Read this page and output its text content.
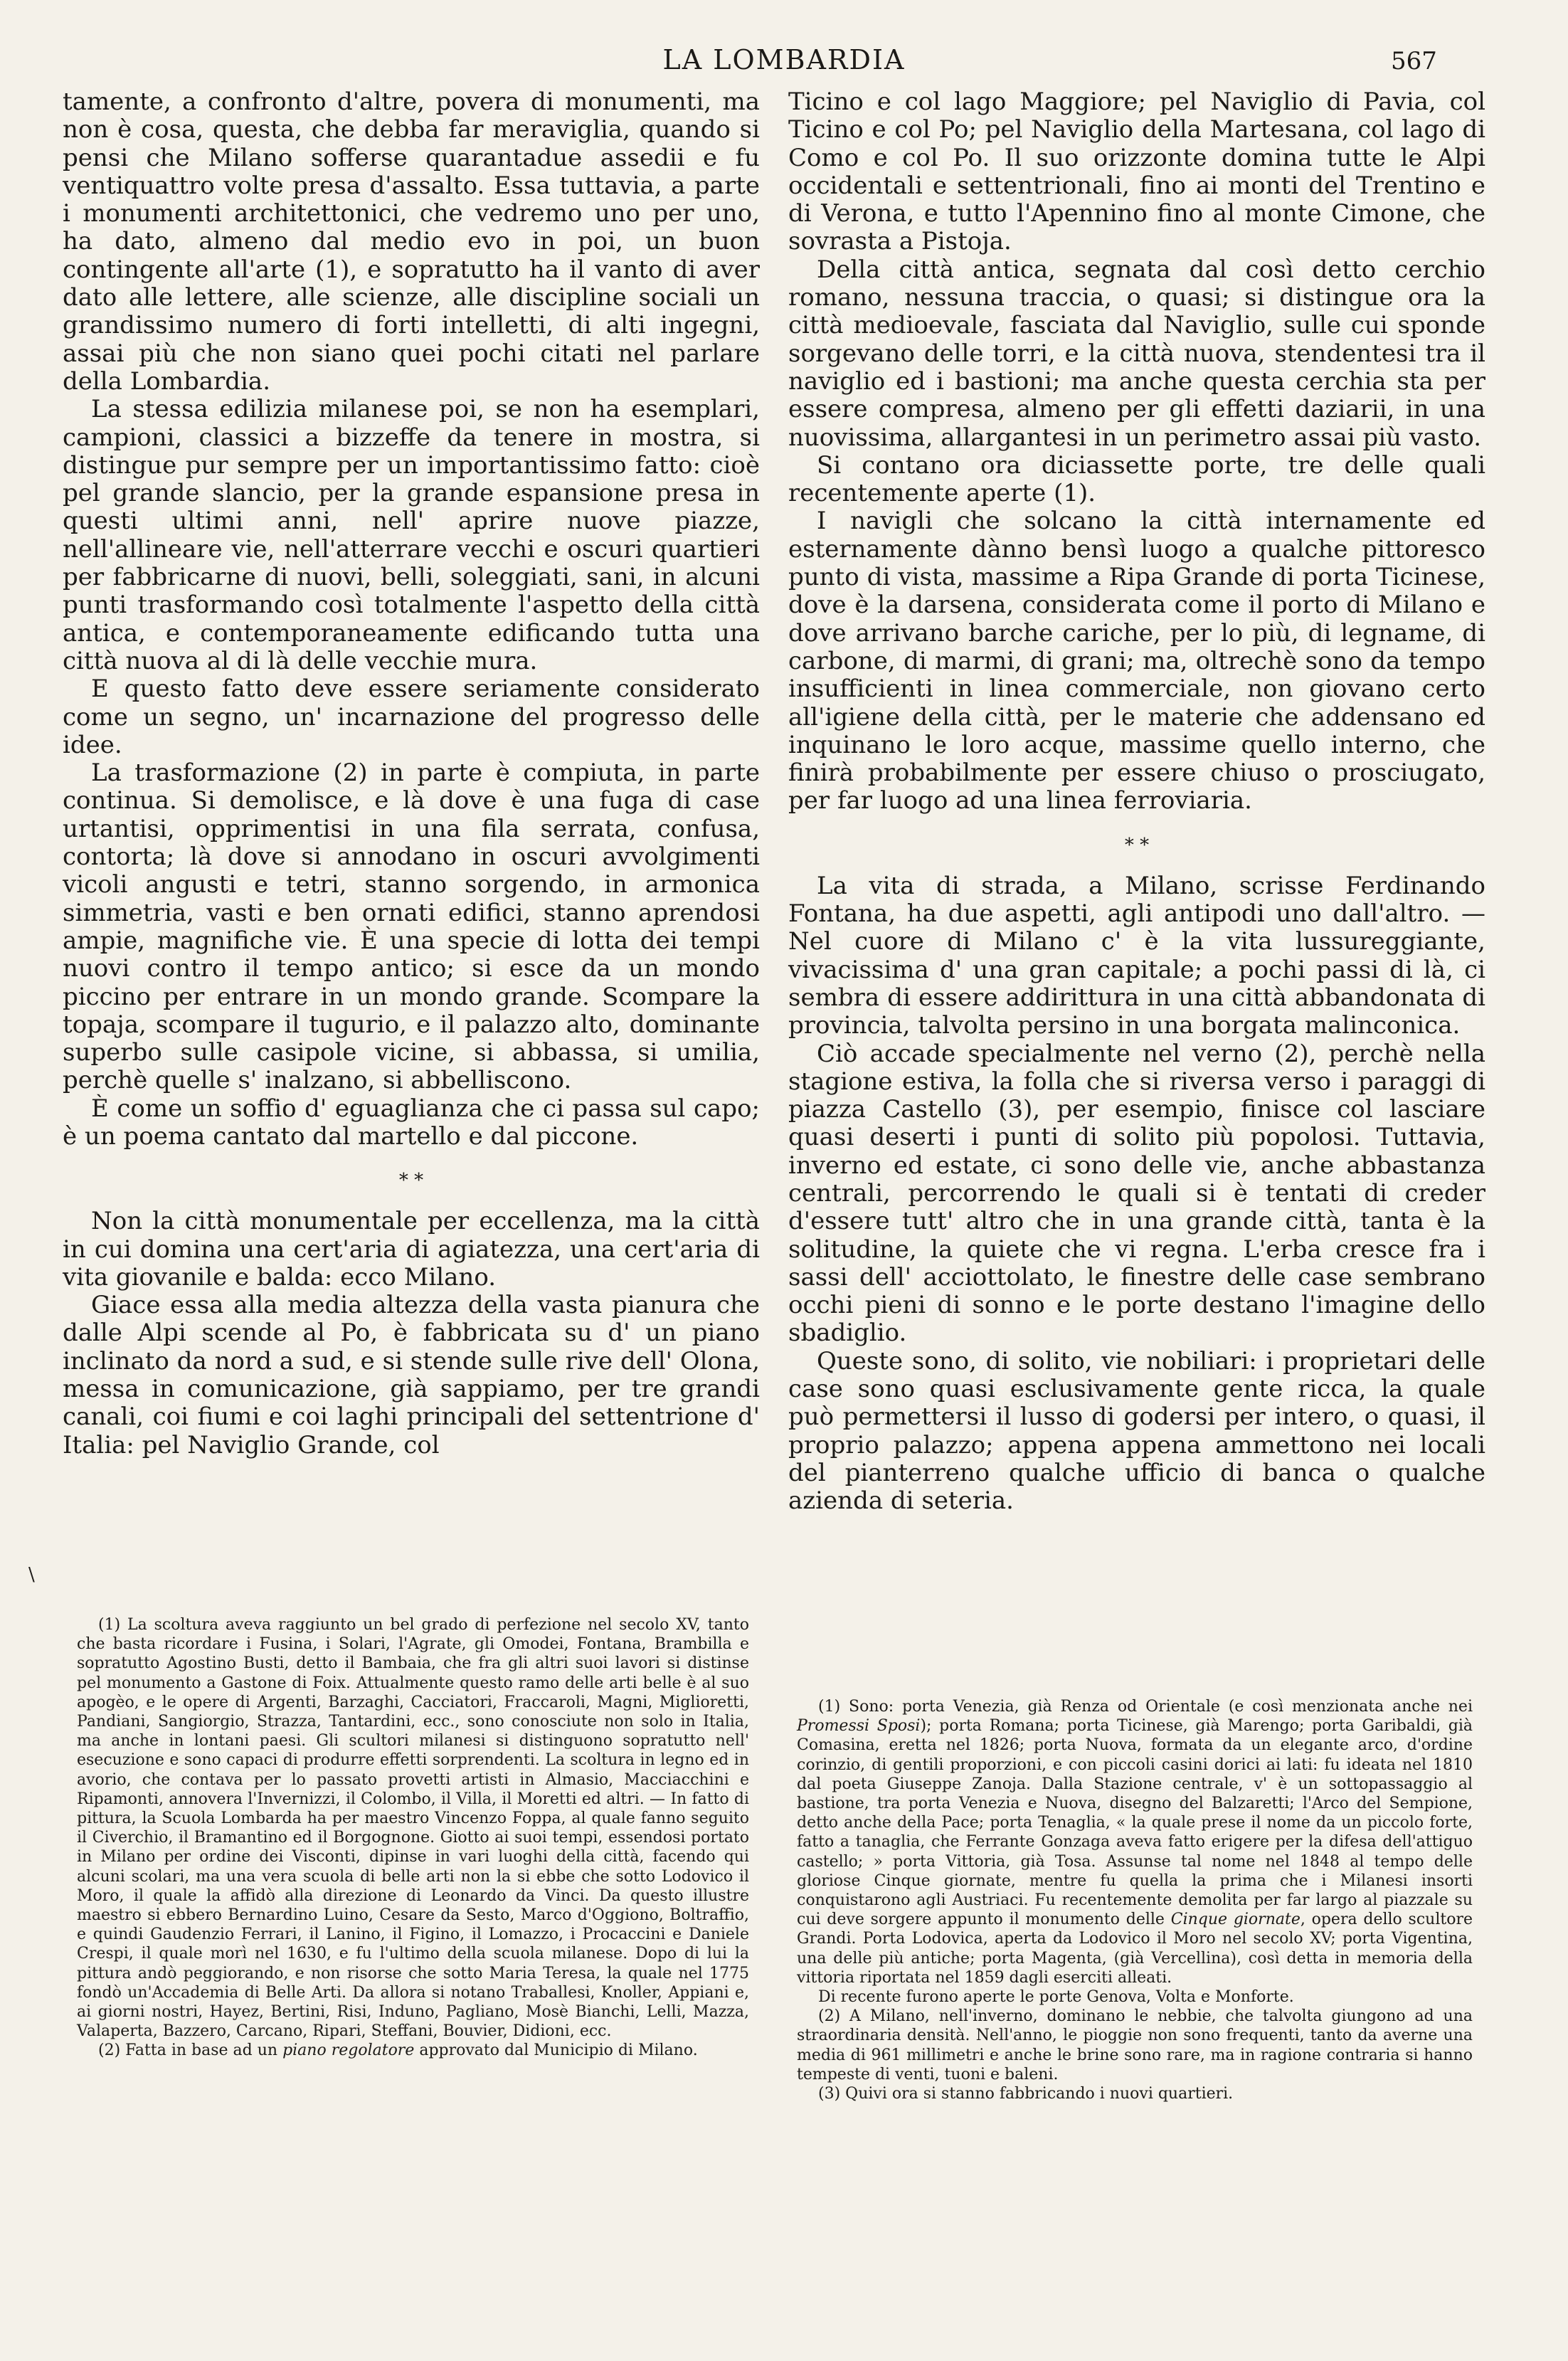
LA LOMBARDIA	567

tamente, a confronto d'altre, povera di monumenti, ma non è cosa, questa, che debba far meraviglia, quando si pensi che Milano sofferse quarantadue assedii e fu ventiquattro volte presa d'assalto. Essa tuttavia, a parte i monumenti architettonici, che vedremo uno per uno, ha dato, almeno dal medio evo in poi, un buon contingente all'arte (1), e sopratutto ha il vanto di aver dato alle lettere, alle scienze, alle discipline sociali un grandissimo numero di forti intelletti, di alti ingegni, assai più che non siano quei pochi citati nel parlare della Lombardia.

La stessa edilizia milanese poi, se non ha esemplari, campioni, classici a bizzeffe da tenere in mostra, si distingue pur sempre per un importantissimo fatto: cioè pel grande slancio, per la grande espansione presa in questi ultimi anni, nell' aprire nuove piazze, nell'allineare vie, nell'atterrare vecchi e oscuri quartieri per fabbricarne di nuovi, belli, soleggiati, sani, in alcuni punti trasformando così totalmente l'aspetto della città antica, e contemporaneamente edificando tutta una città nuova al di là delle vecchie mura.

E questo fatto deve essere seriamente considerato come un segno, un' incarnazione del progresso delle idee.

La trasformazione (2) in parte è compiuta, in parte continua. Si demolisce, e là dove è una fuga di case urtantisi, opprimentisi in una fila serrata, confusa, contorta; là dove si annodano in oscuri avvolgimenti vicoli angusti e tetri, stanno sorgendo, in armonica simmetria, vasti e ben ornati edifici, stanno aprendosi ampie, magnifiche vie. È una specie di lotta dei tempi nuovi contro il tempo antico; si esce da un mondo piccino per entrare in un mondo grande. Scompare la topaja, scompare il tugurio, e il palazzo alto, dominante superbo sulle casipole vicine, si abbassa, si umilia, perchè quelle s' inalzano, si abbelliscono.

È come un soffio d' eguaglianza che ci passa sul capo; è un poema cantato dal martello e dal piccone.

* *

Non la città monumentale per eccellenza, ma la città in cui domina una cert'aria di agiatezza, una cert'aria di vita giovanile e balda: ecco Milano.

Giace essa alla media altezza della vasta pianura che dalle Alpi scende al Po, è fabbricata su d' un piano inclinato da nord a sud, e si stende sulle rive dell' Olona, messa in comunicazione, già sappiamo, per tre grandi canali, coi fiumi e coi laghi principali del settentrione d' Italia: pel Naviglio Grande, col

Ticino e col lago Maggiore; pel Naviglio di Pavia, col Ticino e col Po; pel Naviglio della Martesana, col lago di Como e col Po. Il suo orizzonte domina tutte le Alpi occidentali e settentrionali, fino ai monti del Trentino e di Verona, e tutto l'Apennino fino al monte Cimone, che sovrasta a Pistoja.

Della città antica, segnata dal così detto cerchio romano, nessuna traccia, o quasi; si distingue ora la città medioevale, fasciata dal Naviglio, sulle cui sponde sorgevano delle torri, e la città nuova, stendentesi tra il naviglio ed i bastioni; ma anche questa cerchia sta per essere compresa, almeno per gli effetti daziarii, in una nuovissima, allargantesi in un perimetro assai più vasto.

Si contano ora diciassette porte, tre delle quali recentemente aperte (1).

I navigli che solcano la città internamente ed esternamente dànno bensì luogo a qualche pittoresco punto di vista, massime a Ripa Grande di porta Ticinese, dove è la darsena, considerata come il porto di Milano e dove arrivano barche cariche, per lo più, di legname, di carbone, di marmi, di grani; ma, oltrechè sono da tempo insufficienti in linea commerciale, non giovano certo all'igiene della città, per le materie che addensano ed inquinano le loro acque, massime quello interno, che finirà probabilmente per essere chiuso o prosciugato, per far luogo ad una linea ferroviaria.

* *

La vita di strada, a Milano, scrisse Ferdinando Fontana, ha due aspetti, agli antipodi uno dall'altro. — Nel cuore di Milano c' è la vita lussureggiante, vivacissima d' una gran capitale; a pochi passi di là, ci sembra di essere addirittura in una città abbandonata di provincia, talvolta persino in una borgata malinconica.

Ciò accade specialmente nel verno (2), perchè nella stagione estiva, la folla che si riversa verso i paraggi di piazza Castello (3), per esempio, finisce col lasciare quasi deserti i punti di solito più popolosi. Tuttavia, inverno ed estate, ci sono delle vie, anche abbastanza centrali, percorrendo le quali si è tentati di creder d'essere tutt' altro che in una grande città, tanta è la solitudine, la quiete che vi regna. L'erba cresce fra i sassi dell' acciottolato, le finestre delle case sembrano occhi pieni di sonno e le porte destano l'imagine dello sbadiglio.

Queste sono, di solito, vie nobiliari: i proprietari delle case sono quasi esclusivamente gente ricca, la quale può permettersi il lusso di godersi per intero, o quasi, il proprio palazzo; appena appena ammettono nei locali del pianterreno qualche ufficio di banca o qualche azienda di seteria.

\

(1) La scoltura aveva raggiunto un bel grado di perfezione nel secolo XV, tanto che basta ricordare i Fusina, i Solari, l'Agrate, gli Omodei, Fontana, Brambilla e sopratutto Agostino Busti, detto il Bambaia, che fra gli altri suoi lavori si distinse pel monumento a Gastone di Foix. Attualmente questo ramo delle arti belle è al suo apogèo, e le opere di Argenti, Barzaghi, Cacciatori, Fraccaroli, Magni, Miglioretti, Pandiani, Sangiorgio, Strazza, Tantardini, ecc., sono conosciute non solo in Italia, ma anche in lontani paesi. Gli scultori milanesi si distinguono sopratutto nell' esecuzione e sono capaci di produrre effetti sorprendenti. La scoltura in legno ed in avorio, che contava per lo passato provetti artisti in Almasio, Macciacchini e Ripamonti, annovera l'Invernizzi, il Colombo, il Villa, il Moretti ed altri. — In fatto di pittura, la Scuola Lombarda ha per maestro Vincenzo Foppa, al quale fanno seguito il Civerchio, il Bramantino ed il Borgognone. Giotto ai suoi tempi, essendosi portato in Milano per ordine dei Visconti, dipinse in vari luoghi della città, facendo qui alcuni scolari, ma una vera scuola di belle arti non la si ebbe che sotto Lodovico il Moro, il quale la affidò alla direzione di Leonardo da Vinci. Da questo illustre maestro si ebbero Bernardino Luino, Cesare da Sesto, Marco d'Oggiono, Boltraffio, e quindi Gaudenzio Ferrari, il Lanino, il Figino, il Lomazzo, i Procaccini e Daniele Crespi, il quale morì nel 1630, e fu l'ultimo della scuola milanese. Dopo di lui la pittura andò peggiorando, e non risorse che sotto Maria Teresa, la quale nel 1775 fondò un'Accademia di Belle Arti. Da allora si notano Traballesi, Knoller, Appiani e, ai giorni nostri, Hayez, Bertini, Risi, Induno, Pagliano, Mosè Bianchi, Lelli, Mazza, Valaperta, Bazzero, Carcano, Ripari, Steffani, Bouvier, Didioni, ecc.

(2) Fatta in base ad un piano regolatore approvato dal Municipio di Milano.

(1) Sono: porta Venezia, già Renza od Orientale (e così menzionata anche nei Promessi Sposi); porta Romana; porta Ticinese, già Marengo; porta Garibaldi, già Comasina, eretta nel 1826; porta Nuova, formata da un elegante arco, d'ordine corinzio, di gentili proporzioni, e con piccoli casini dorici ai lati: fu ideata nel 1810 dal poeta Giuseppe Zanoja. Dalla Stazione centrale, v' è un sottopassaggio al bastione, tra porta Venezia e Nuova, disegno del Balzaretti; l'Arco del Sempione, detto anche della Pace; porta Tenaglia, « la quale prese il nome da un piccolo forte, fatto a tanaglia, che Ferrante Gonzaga aveva fatto erigere per la difesa dell'attiguo castello; » porta Vittoria, già Tosa. Assunse tal nome nel 1848 al tempo delle gloriose Cinque giornate, mentre fu quella la prima che i Milanesi insorti conquistarono agli Austriaci. Fu recentemente demolita per far largo al piazzale su cui deve sorgere appunto il monumento delle Cinque giornate, opera dello scultore Grandi. Porta Lodovica, aperta da Lodovico il Moro nel secolo XV; porta Vigentina, una delle più antiche; porta Magenta, (già Vercellina), così detta in memoria della vittoria riportata nel 1859 dagli eserciti alleati.

Di recente furono aperte le porte Genova, Volta e Monforte.

(2) A Milano, nell'inverno, dominano le nebbie, che talvolta giungono ad una straordinaria densità. Nell'anno, le pioggie non sono frequenti, tanto da averne una media di 961 millimetri e anche le brine sono rare, ma in ragione contraria si hanno tempeste di venti, tuoni e baleni.

(3) Quivi ora si stanno fabbricando i nuovi quartieri.
